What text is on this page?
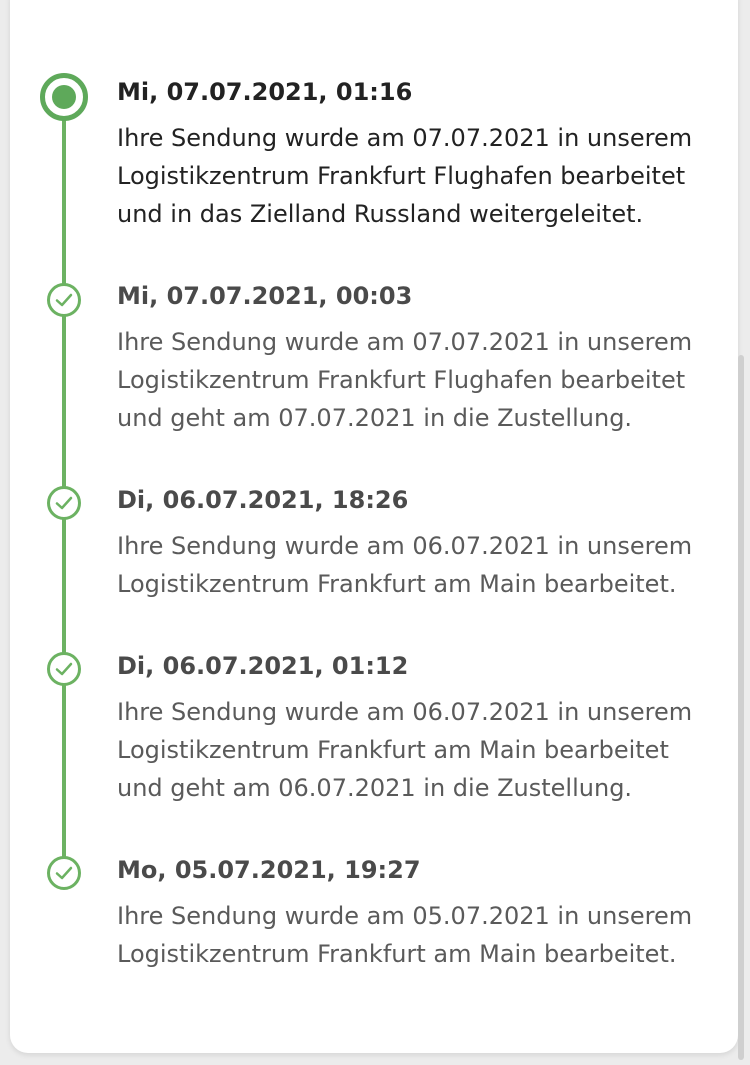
Mi, 07.07.2021, 01:16

Ihre Sendung wurde am 07.07.2021 in unserem Logistikzentrum Frankfurt Flughafen bearbeitet und in das Zielland Russland weitergeleitet.

Mi, 07.07.2021, 00:03

Ihre Sendung wurde am 07.07.2021 in unserem Logistikzentrum Frankfurt Flughafen bearbeitet und geht am 07.07.2021 in die Zustellung.

Di, 06.07.2021, 18:26

Ihre Sendung wurde am 06.07.2021 in unserem Logistikzentrum Frankfurt am Main bearbeitet.

Di, 06.07.2021, 01:12

Ihre Sendung wurde am 06.07.2021 in unserem Logistikzentrum Frankfurt am Main bearbeitet und geht am 06.07.2021 in die Zustellung.

Mo, 05.07.2021, 19:27

Ihre Sendung wurde am 05.07.2021 in unserem Logistikzentrum Frankfurt am Main bearbeitet.
